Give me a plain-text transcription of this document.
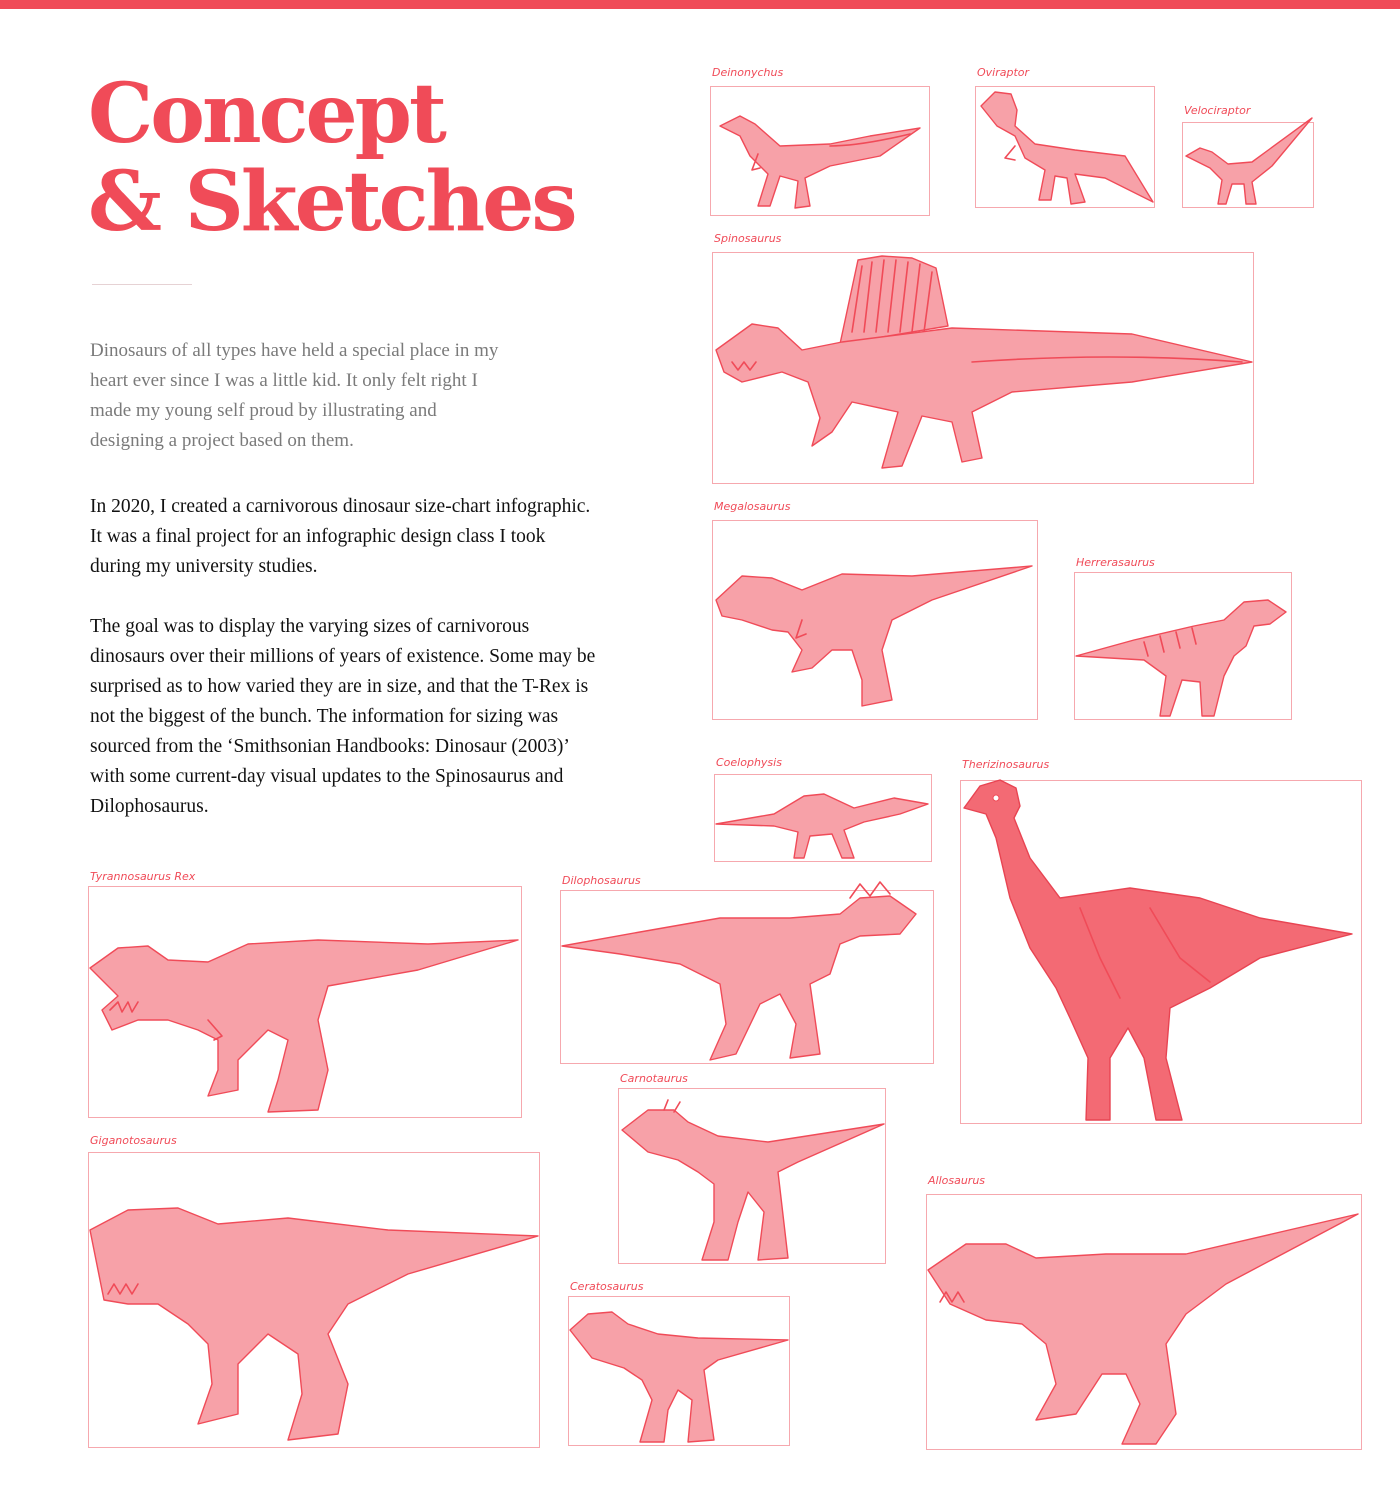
Concept
& Sketches

Dinosaurs of all types have held a special place in my heart ever since I was a little kid. It only felt right I made my young self proud by illustrating and designing a project based on them.

In 2020, I created a carnivorous dinosaur size-chart infographic. It was a final project for an infographic design class I took during my university studies.

The goal was to display the varying sizes of carnivorous dinosaurs over their millions of years of existence. Some may be surprised as to how varied they are in size, and that the T-Rex is not the biggest of the bunch. The information for sizing was sourced from the ‘Smithsonian Handbooks: Dinosaur (2003)’ with some current-day visual updates to the Spinosaurus and Dilophosaurus.

Deinonychus	Oviraptor
Velociraptor
Spinosaurus
Megalosaurus
Herrerasaurus
Coelophysis	Therizinosaurus
Tyrannosaurus Rex	Dilophosaurus
Carnotaurus
Giganotosaurus
Ceratosaurus
Allosaurus
